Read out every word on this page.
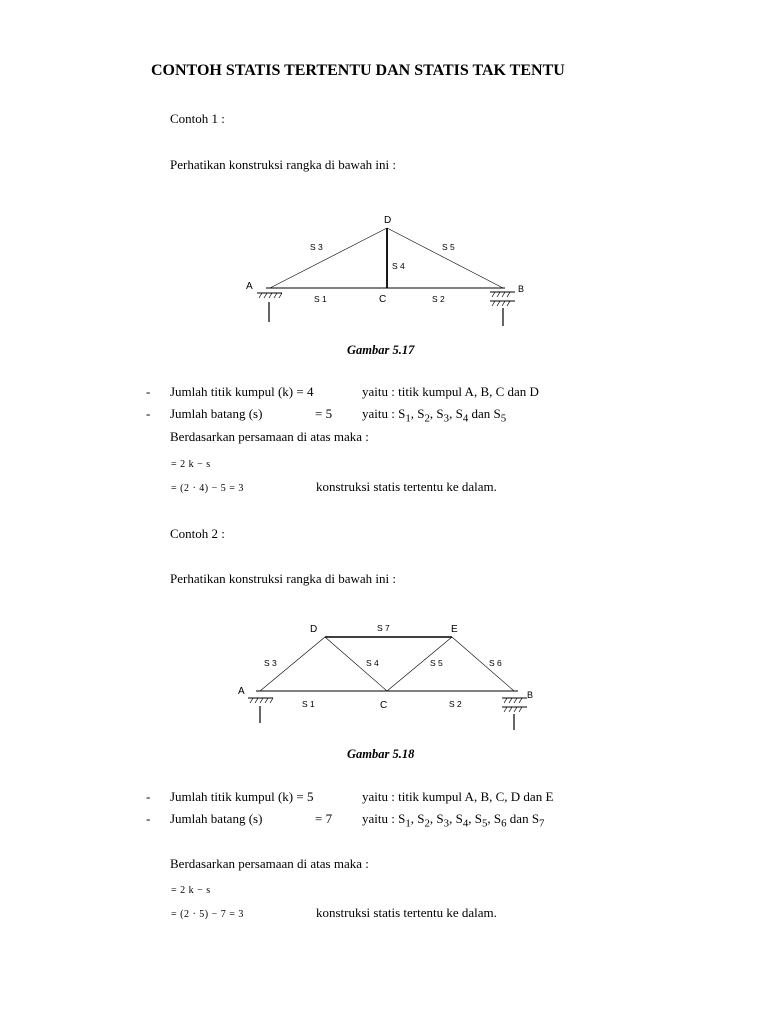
CONTOH STATIS TERTENTU DAN STATIS TAK TENTU
Contoh 1 :
Perhatikan konstruksi rangka di bawah ini :
D
A
C
B
S 3	S 5
S 4
S 1	S 2
Gambar 5.17
- Jumlah titik kumpul (k) = 4	yaitu : titik kumpul A, B, C dan D
- Jumlah batang (s)	= 5 yaitu : $S_1$, $S_2$, $S_3$, $S_4$ dan $S_5$
Berdasarkan persamaan di atas maka :
= 2 k − s
= (2 · 4) − 5 = 3	konstruksi statis tertentu ke dalam.
Contoh 2 :
Perhatikan konstruksi rangka di bawah ini :
D	E
A
C
B
S 7
S 3	S 4	S 5	S 6
S 1	S 2
Gambar 5.18
- Jumlah titik kumpul (k) = 5	yaitu : titik kumpul A, B, C, D dan E
- Jumlah batang (s)	= 7 yaitu : $S_1$, $S_2$, $S_3$, $S_4$, $S_5$, $S_6$ dan $S_7$
Berdasarkan persamaan di atas maka :
= 2 k − s
= (2 · 5) − 7 = 3	konstruksi statis tertentu ke dalam.
